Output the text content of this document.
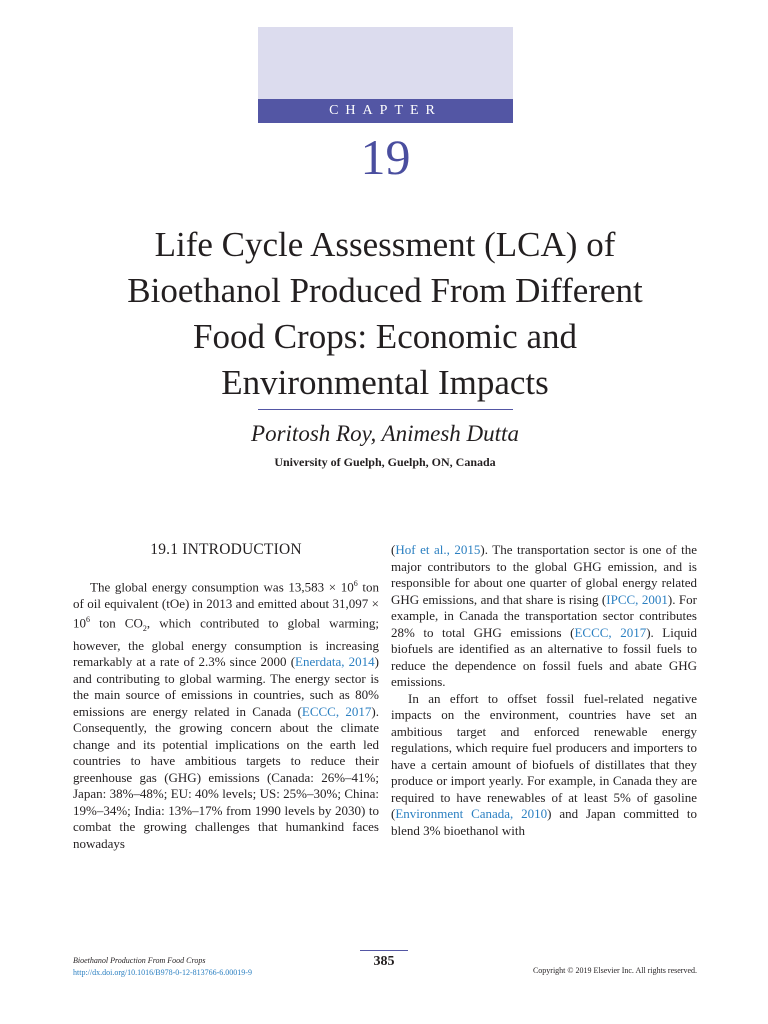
CHAPTER
19
Life Cycle Assessment (LCA) of Bioethanol Produced From Different Food Crops: Economic and Environmental Impacts
Poritosh Roy, Animesh Dutta
University of Guelph, Guelph, ON, Canada
19.1 INTRODUCTION

The global energy consumption was $13,583 \times 10^6$ ton of oil equivalent (tOe) in 2013 and emitted about $31,097 \times 10^6$ ton $CO_2$, which contributed to global warming; however, the global energy consumption is increasing remarkably at a rate of 2.3% since 2000 (Enerdata, 2014) and contributing to global warming. The energy sector is the main source of emissions in countries, such as 80% emissions are energy related in Canada (ECCC, 2017). Consequently, the growing concern about the climate change and its potential implications on the earth led countries to have ambitious targets to reduce their greenhouse gas (GHG) emissions (Canada: 26%–41%; Japan: 38%–48%; EU: 40% levels; US: 25%–30%; China: 19%–34%; India: 13%–17% from 1990 levels by 2030) to combat the growing challenges that humankind faces nowadays

(Hof et al., 2015). The transportation sector is one of the major contributors to the global GHG emission, and is responsible for about one quarter of global energy related GHG emissions, and that share is rising (IPCC, 2001). For example, in Canada the transportation sector contributes 28% to total GHG emissions (ECCC, 2017). Liquid biofuels are identified as an alternative to fossil fuels to reduce the dependence on fossil fuels and abate GHG emissions.

In an effort to offset fossil fuel-related negative impacts on the environment, countries have set an ambitious target and enforced renewable energy regulations, which require fuel producers and importers to have a certain amount of biofuels of distillates that they produce or import yearly. For example, in Canada they are required to have renewables of at least 5% of gasoline (Environment Canada, 2010) and Japan committed to blend 3% bioethanol with

Bioethanol Production From Food Crops
http://dx.doi.org/10.1016/B978-0-12-813766-6.00019-9
385
Copyright © 2019 Elsevier Inc. All rights reserved.
